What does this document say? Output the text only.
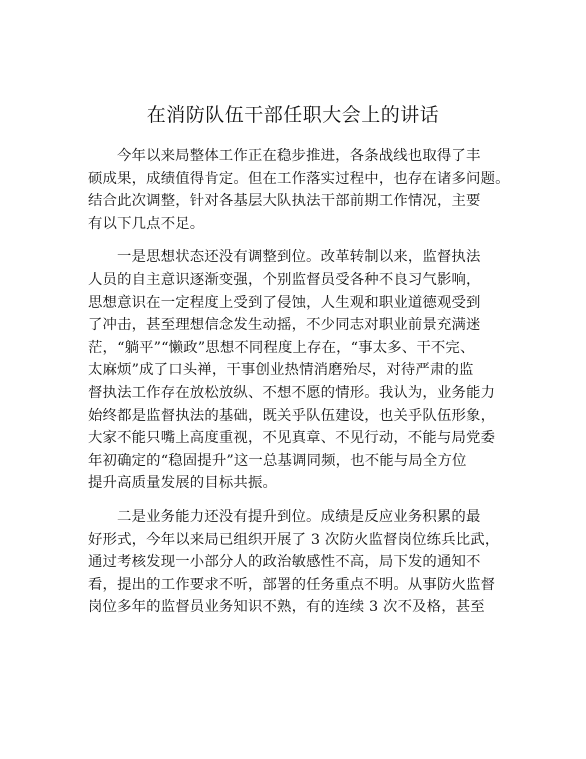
在消防队伍干部任职大会上的讲话
今年以来局整体工作正在稳步推进，各条战线也取得了丰
硕成果，成绩值得肯定。但在工作落实过程中，也存在诸多问题。
结合此次调整，针对各基层大队执法干部前期工作情况，主要
有以下几点不足。
一是思想状态还没有调整到位。改革转制以来，监督执法
人员的自主意识逐渐变强，个别监督员受各种不良习气影响，
思想意识在一定程度上受到了侵蚀，人生观和职业道德观受到
了冲击，甚至理想信念发生动摇，不少同志对职业前景充满迷
茫，“躺平”“懒政”思想不同程度上存在，“事太多、干不完、
太麻烦”成了口头禅，干事创业热情消磨殆尽，对待严肃的监
督执法工作存在放松放纵、不想不愿的情形。我认为，业务能力
始终都是监督执法的基础，既关乎队伍建设，也关乎队伍形象，
大家不能只嘴上高度重视，不见真章、不见行动，不能与局党委
年初确定的“稳固提升”这一总基调同频，也不能与局全方位
提升高质量发展的目标共振。
二是业务能力还没有提升到位。成绩是反应业务积累的最
好形式，今年以来局已组织开展了 3 次防火监督岗位练兵比武，
通过考核发现一小部分人的政治敏感性不高，局下发的通知不
看，提出的工作要求不听，部署的任务重点不明。从事防火监督
岗位多年的监督员业务知识不熟，有的连续 3 次不及格，甚至
